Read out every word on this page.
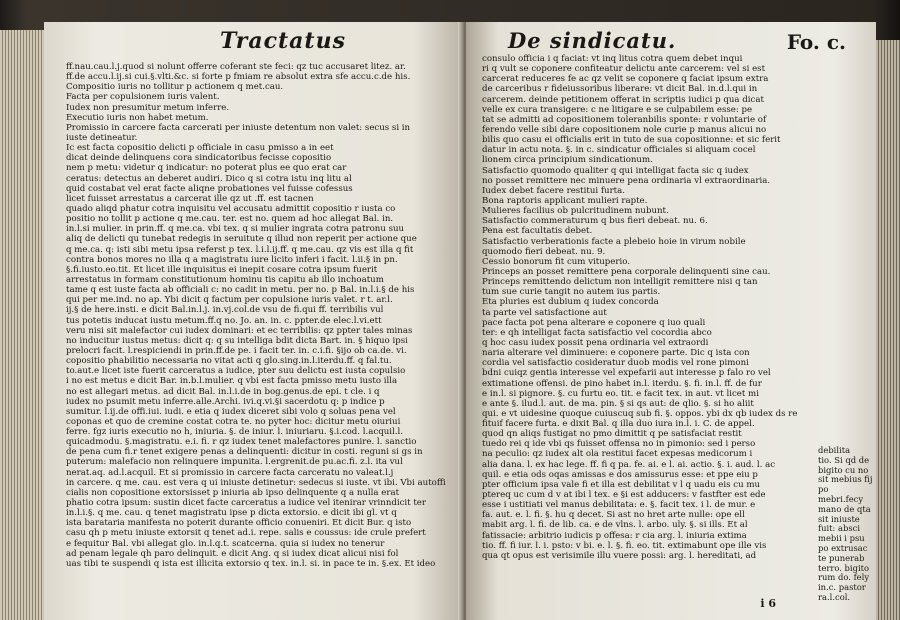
Tractatus
ff.nau.cau.l.j.quod si nolunt offerre coferant ste feci: qz tuc accusaret litez. ar.
ff.de accu.l.ij.si cui.§.vlti.&c. si forte p fmiam re absolut extra sfe accu.c.de his.
Compositio iuris no tollitur p actionem q met.cau.
Facta per copulsionem iuris valent.
Iudex non presumitur metum inferre.
Executio iuris non habet metum.
Promissio in carcere facta carcerati per iniuste detentum non valet: secus si in
iuste detineatur.
Ic est facta copositio delicti p officiale in casu pmisso a in eet
dicat deinde delinquens cora sindicatoribus fecisse copositio
nem p metu: videtur q indicatur: no poterat plus ee quo erat car
ceratus: detectus an deberet audiri. Dico q si cotra istu inq litu al
quid costabat vel erat facte aliqne probationes vel fuisse cofessus
licet fuisset arrestatus a carcerat ille qz ut .ff. est tacnen
quado aliqd phatur cotra inquisitu vel accusatu admittit copositio r iusta co
positio no tollit p actione q me.cau. ter. est no. quem ad hoc allegat Bal. in.
in.l.si mulier. in prin.ff. q me.ca. vbi tex. q si mulier ingrata cotra patronu suu
aliq de delicti qu tunebat redegis in seruitute q illud non reperit per actione que
q me.ca. q: isti sibi metu ipsa referst p tex. l.i.l.ij.ff. q me.cau. qz vis est illa q fit
contra bonos mores no illa q a magistratu iure licito inferi i facit. l.ii.§ in pn.
§.fi.iusto.eo.tit. Et licet ille inquisitus ei inepit cosare cotra ipsum fuerit
arrestatus in formam constitutionum hominu tis capitu ab illo inchoatum
tame q est iuste facta ab officiali c: no cadit in metu. per no. p Bal. in.l.i.§ de his
qui per me.ind. no ap. Ybi dicit q factum per copulsione iuris valet. r t. ar.l.
ij.§ de here.insti. e dicit Bal.in.l.j. in.vj.col.de vsu de fi.qui ff. terribilis vul
tus potetis inducat iustu metum.ff.q no. Jo. an. in. c. ppter.de elec.l.vi.ett
veru nisi sit malefactor cui iudex dominari: et ec terribilis: qz ppter tales minas
no inducitur iustus metus: dicit q: q su intelliga bdit dicta Bart. in. § hiquo ipsi
prelocri facit. l.respiciendi in prin.ff.de pe. i facit ter. in. c.i.fi. §ijo ob ca.de. vi.
copositio phabilitio necessaria no vitat acti q glo.sing.in.l.iterdu.ff. q fal.tu.
to.aut.e licet iste fuerit carceratus a iudice, pter suu delictu est iusta copulsio
i no est metus e dicit Bar. in.b.l.mulier. q vbi est facta pmisso metu iusto illa
no est allegari metus. ad dicit Bal. in.l.i.de in bog.genus.de epi. t cle. i q
iudex no psumit metu inferre.alle.Archi. ivi.q.vi.§i sacerdotu q: p indice p
sumitur. l.ij.de offi.iui. iudi. e etia q iudex diceret sibi volo q soluas pena vel
coponas et quo de cremine costat cotra te. no pyter hoc: dicitur metu oiuriui
ferre. fgz iuris executio no h, iniuria. §. de iniur. l. iniuriaru. §.i.cod. l.acquil.l.
quicadmodu. §.magistratu. e.i. fi. r qz iudex tenet malefactores punire. l. sanctio
de pena cum fi.r tenet exigere penas a delinquenti: dicitur in costi. reguni si gs in
puterum: malefacio non relinquere impunita. l.ergrenit.de pu.ac.fi. z.l. ita vul
nerat.aq. ad.l.acquil. Et si promissio in carcere facta carceratu no valeat.l.j
in carcere. q me. cau. est vera q ui iniuste detinetur: sedecus si iuste. vt ibi. Vbi autoffi
cialis non copositione extorsisset p iniuria ab ipso delinquente q a nulla erat
phatio cotra ipsum: sustin dicet facte carceratus a iudice vel itenirar vrinndicit ter
in.l.i.§. q me. cau. q tenet magistratu ipse p dicta extorsio. e dicit ibi gl. vt q
ista barataria manifesta no poterit durante officio conueniri. Et dicit Bur. q isto
casu qh p metu iniuste extorsit q tenet ad.i. repe. salis e coussus: ide crule prefert
e fequitur Bal. vbi allegat glo. in.l.q.t. scatcerna. quia si iudex no tenerur
ad penam legale qh paro delinquit. e dicit Ang. q si iudex dicat alicui nisi fol
uas tibi te suspendi q ista est illicita extorsio q tex. in.l. si. in pace te in. §.ex. Et ideo
De sindicatu.	Fo. c.
consulo officia i q faciat: vt inq litus cotra quem debet inqui
ri q vult se coponere confiteatur delictu ante carcerem: vel si est
carcerat reduceres fe ac qz velit se coponere q faciat ipsum extra
de carceribus r fideiussoribus liberare: vt dicit Bal. in.d.l.qui in
carcerem. deinde petitionem offerat in scriptis iudici p qua dicat
velle ex cura transigere: c ne litigare e se culpabilem esse: pe
tat se admitti ad copositionem toleranbilis sponte: r voluntarie of
ferendo velle sibi dare copositionem nole curie p manus alicui no
bilis quo casu ei officialis erit in tuto de sua copositionne: et sic ferit
datur in actu nota. §. in c. sindicatur officiales si aliquam cocel
lionem circa principium sindicationum.
Satisfactio quomodo qualiter q qui intelligat facta sic q iudex
no posset remittere nec minuere pena ordinaria vl extraordinaria.
Iudex debet facere restitui furta.
Bona raptoris applicant mulieri rapte.
Mulieres facilius ob pulcritudinem nubunt.
Satisfactio commeraturum q bus fieri debeat. nu. 6.
Pena est facultatis debet.
Satisfactio verberationis facte a plebeio hoie in virum nobile
quomodo fieri debeat. nu. 9.
Cessio bonorum fit cum vituperio.
Princeps an posset remittere pena corporale delinquenti sine cau.
Princeps remittendo delictum non intelligit remittere nisi q tan
tum sue curie tangit no autem ius partis.
Eta pluries est dubium q iudex concorda
ta parte vel satisfactione aut
pace facta pot pena alterare e coponere q iuo quali
ter: e qh intelligat facta satisfactio vel cocordia abco
q hoc casu iudex possit pena ordinaria vel extraordi
naria alterare vel diminuere: e coponere parte. Dic q ista con
cordia vel satisfactio cosideratur duob modis vel rone pimoni
bdni cuiqz gentia interesse vel expefarii aut interesse p falo ro vel
extimatione offensi. de pino habet in.l. iterdu. §. fi. in.l. ff. de fur
e in.l. si pignore. §. cu furtu eo. tit. e facit tex. in aut. vt licet mi
e ante §. ilud.l. aut. de ma. pin. § si qs aut: de qlio. §. si ho aliit
qui. e vt uidesine quoque cuiuscuq sub fi. §. oppos. ybi dx qb iudex ds re
fituif facere furta. e dixit Bal. q illa duo iura in.l. i. C. de appel.
quod qn aliqs fustigat no pmo dimittit q pe satisfaciat restit
tuedo rei q ide vbi qs fuisset offensa no in pimonio: sed i perso
na peculio: qz iudex alt ola restitui facet expesas medicorum i
alia dana. l. ex hac lege. ff. fi q pa. fe. ai. e l. ai. actio. §. i. aud. l. ac
quil. e etia ods oqas amissas e dos amissurus esse: et ppe eiu p
pter officium ipsa vale fi et illa est debilitat v l q uadu eis cu mu
ptereq uc cum d v at ibi l tex. e §i est adducers: v fastfter est ede
esse i ustitiati vel manus debilitata: e. §. facit tex. i l. de mur. e
fa. aut. e. l. fi. §. hu q decet. Si ast no hret arte nulle: ope ell
mabit arg. l. fi. de lib. ca. e de vlns. l. arbo. uly. §. si ills. Et al
fatissacie: arbitrio iudicis p offesa: r cia arg. l. iniuria extima
tio. ff. fi iur. l. i. psto: v bi. e. l. §. fi. eo. tit. extimabunt ope ille vis
qua qt opus est verisimile illu vuere possi: arg. l. hereditati, ad
i 6
debilita
tio. Si qd de
bigito cu no
sit mebius fij
po mebri.fecy
mano de qta
sit iniuste
fuit: absci
mebii i psu
po extrusac
te punerab
terro. bigito
rum do. fely
in.c. pastor
ra.l.col.
